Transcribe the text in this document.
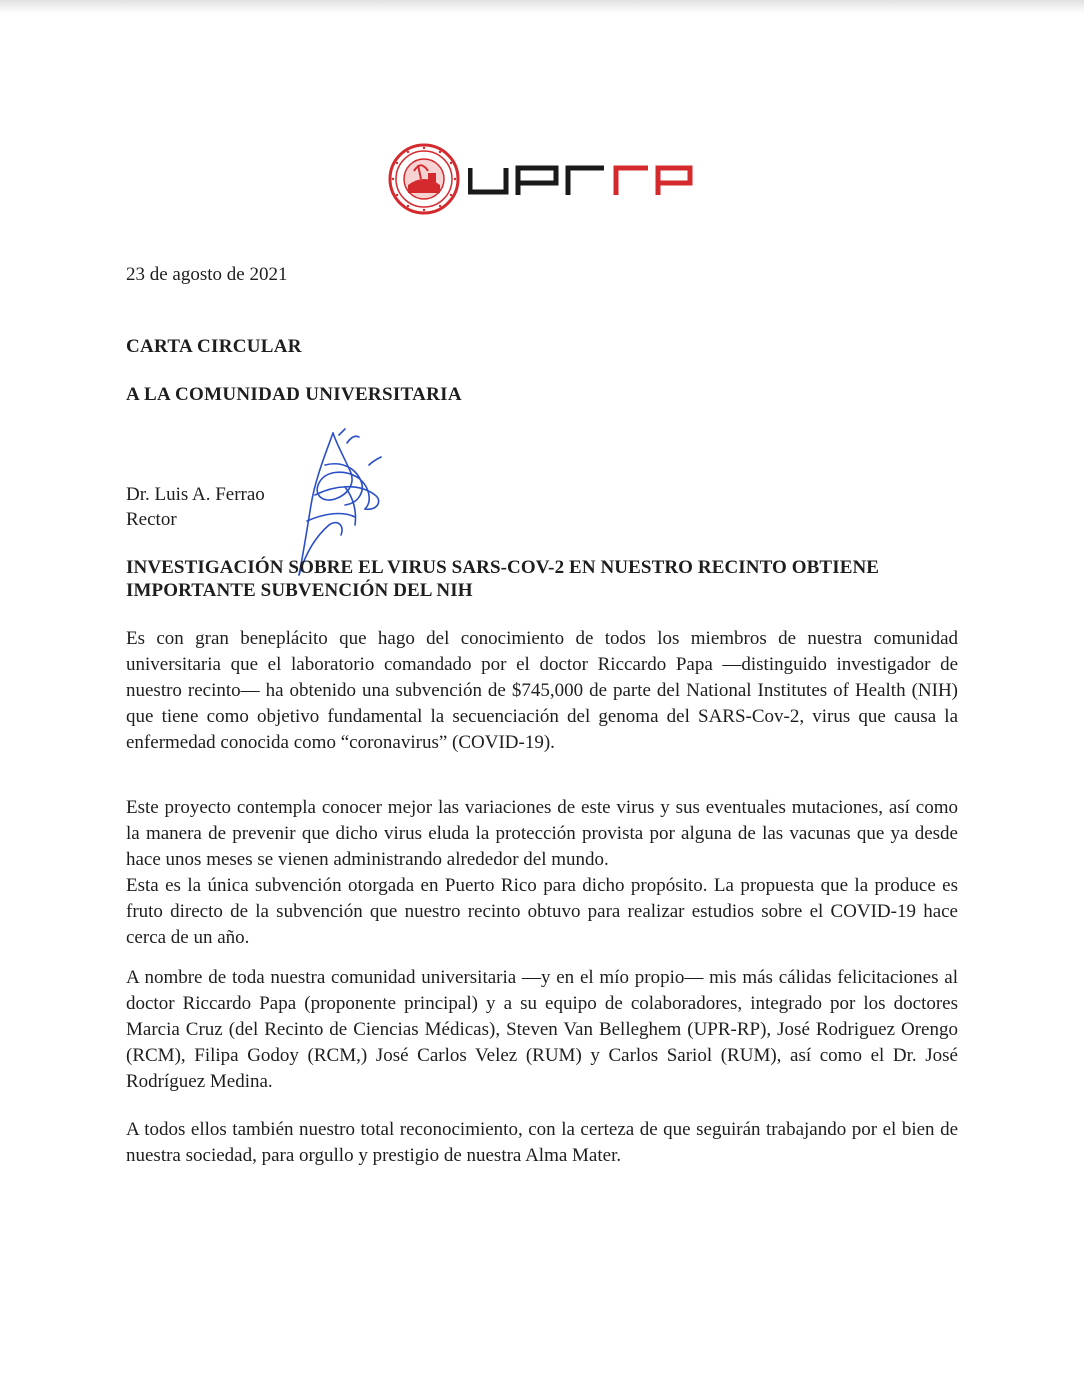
23 de agosto de 2021
CARTA CIRCULAR
A LA COMUNIDAD UNIVERSITARIA
Dr. Luis A. Ferrao
Rector
INVESTIGACIÓN SOBRE EL VIRUS SARS-COV-2 EN NUESTRO RECINTO OBTIENE
IMPORTANTE SUBVENCIÓN DEL NIH
Es con gran beneplácito que hago del conocimiento de todos los miembros de nuestra comunidad universitaria que el laboratorio comandado por el doctor Riccardo Papa —distinguido investigador de nuestro recinto— ha obtenido una subvención de $745,000 de parte del National Institutes of Health (NIH) que tiene como objetivo fundamental la secuenciación del genoma del SARS-Cov-2, virus que causa la enfermedad conocida como “coronavirus” (COVID-19).
Este proyecto contempla conocer mejor las variaciones de este virus y sus eventuales mutaciones, así como la manera de prevenir que dicho virus eluda la protección provista por alguna de las vacunas que ya desde hace unos meses se vienen administrando alrededor del mundo.
Esta es la única subvención otorgada en Puerto Rico para dicho propósito. La propuesta que la produce es fruto directo de la subvención que nuestro recinto obtuvo para realizar estudios sobre el COVID-19 hace cerca de un año.
A nombre de toda nuestra comunidad universitaria —y en el mío propio— mis más cálidas felicitaciones al doctor Riccardo Papa (proponente principal) y a su equipo de colaboradores, integrado por los doctores Marcia Cruz (del Recinto de Ciencias Médicas), Steven Van Belleghem (UPR-RP), José Rodriguez Orengo (RCM), Filipa Godoy (RCM,) José Carlos Velez (RUM) y Carlos Sariol (RUM), así como el Dr. José Rodríguez Medina.
A todos ellos también nuestro total reconocimiento, con la certeza de que seguirán trabajando por el bien de nuestra sociedad, para orgullo y prestigio de nuestra Alma Mater.
